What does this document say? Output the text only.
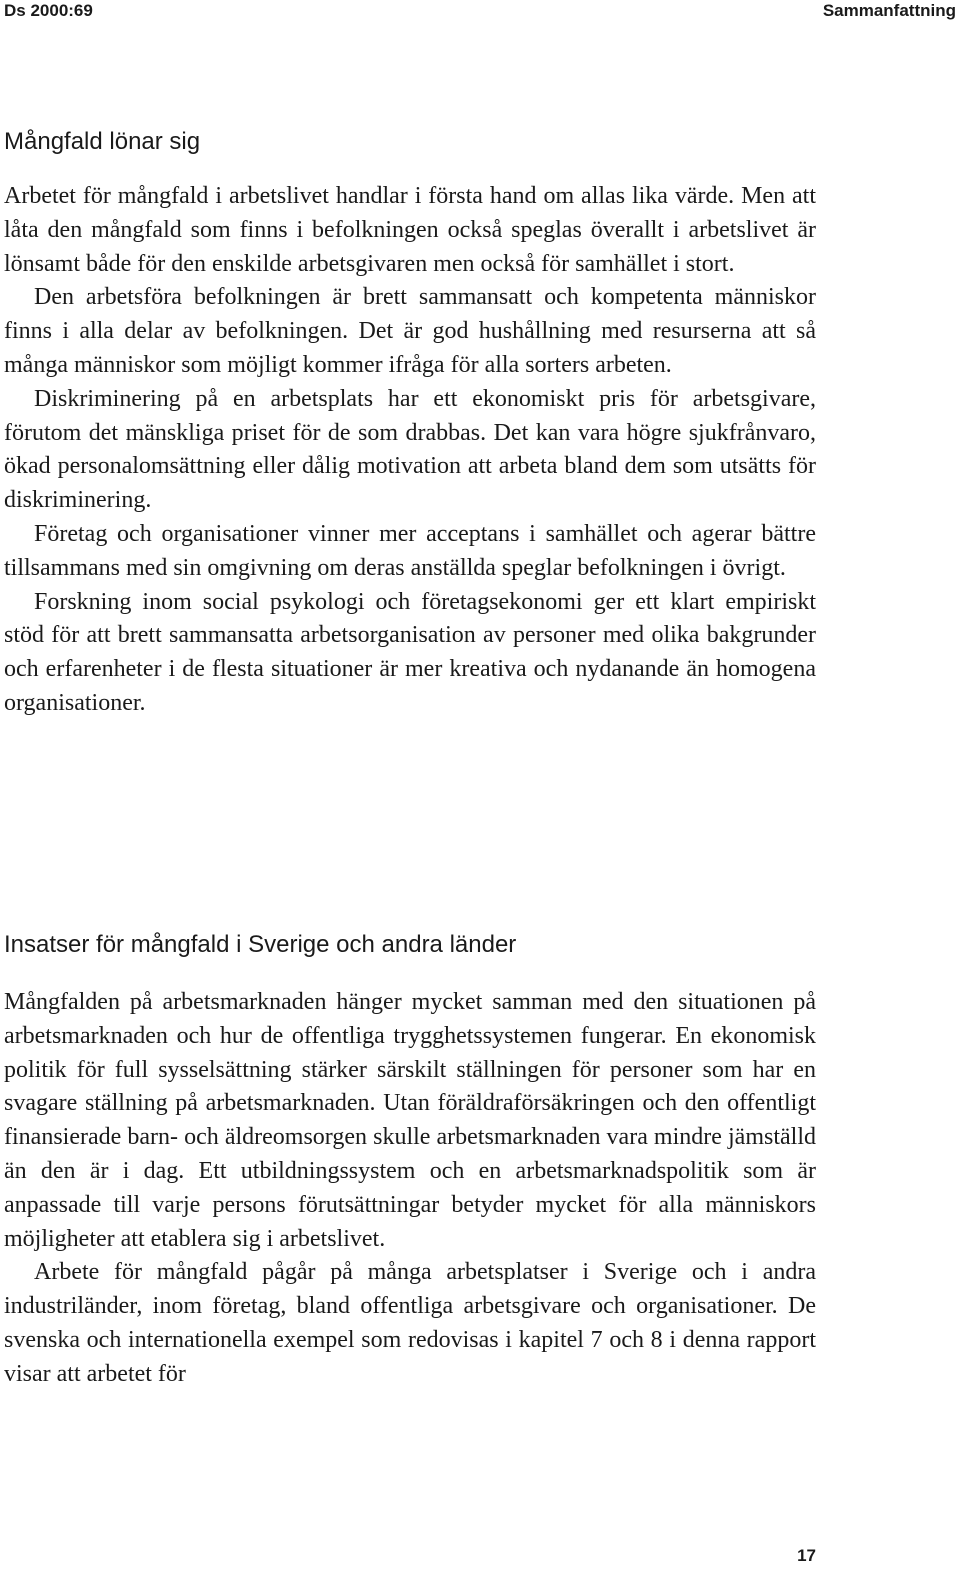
Ds 2000:69	Sammanfattning
Mångfald lönar sig

Arbetet för mångfald i arbetslivet handlar i första hand om allas lika värde. Men att låta den mångfald som finns i befolkningen också speglas överallt i arbetslivet är lönsamt både för den enskilde arbetsgivaren men också för samhället i stort.

Den arbetsföra befolkningen är brett sammansatt och kompetenta människor finns i alla delar av befolkningen. Det är god hushållning med resurserna att så många människor som möjligt kommer ifråga för alla sorters arbeten.

Diskriminering på en arbetsplats har ett ekonomiskt pris för arbetsgivare, förutom det mänskliga priset för de som drabbas. Det kan vara högre sjukfrånvaro, ökad personalomsättning eller dålig motivation att arbeta bland dem som utsätts för diskriminering.

Företag och organisationer vinner mer acceptans i samhället och agerar bättre tillsammans med sin omgivning om deras anställda speglar befolkningen i övrigt.

Forskning inom social psykologi och företagsekonomi ger ett klart empiriskt stöd för att brett sammansatta arbetsorganisation av personer med olika bakgrunder och erfarenheter i de flesta situationer är mer kreativa och nydanande än homogena organisationer.

Insatser för mångfald i Sverige och andra länder

Mångfalden på arbetsmarknaden hänger mycket samman med den situationen på arbetsmarknaden och hur de offentliga trygghetssystemen fungerar. En ekonomisk politik för full sysselsättning stärker särskilt ställningen för personer som har en svagare ställning på arbetsmarknaden. Utan föräldraförsäkringen och den offentligt finansierade barn- och äldreomsorgen skulle arbetsmarknaden vara mindre jämställd än den är i dag. Ett utbildningssystem och en arbetsmarknadspolitik som är anpassade till varje persons förutsättningar betyder mycket för alla människors möjligheter att etablera sig i arbetslivet.

Arbete för mångfald pågår på många arbetsplatser i Sverige och i andra industriländer, inom företag, bland offentliga arbetsgivare och organisationer. De svenska och internationella exempel som redovisas i kapitel 7 och 8 i denna rapport visar att arbetet för

17
